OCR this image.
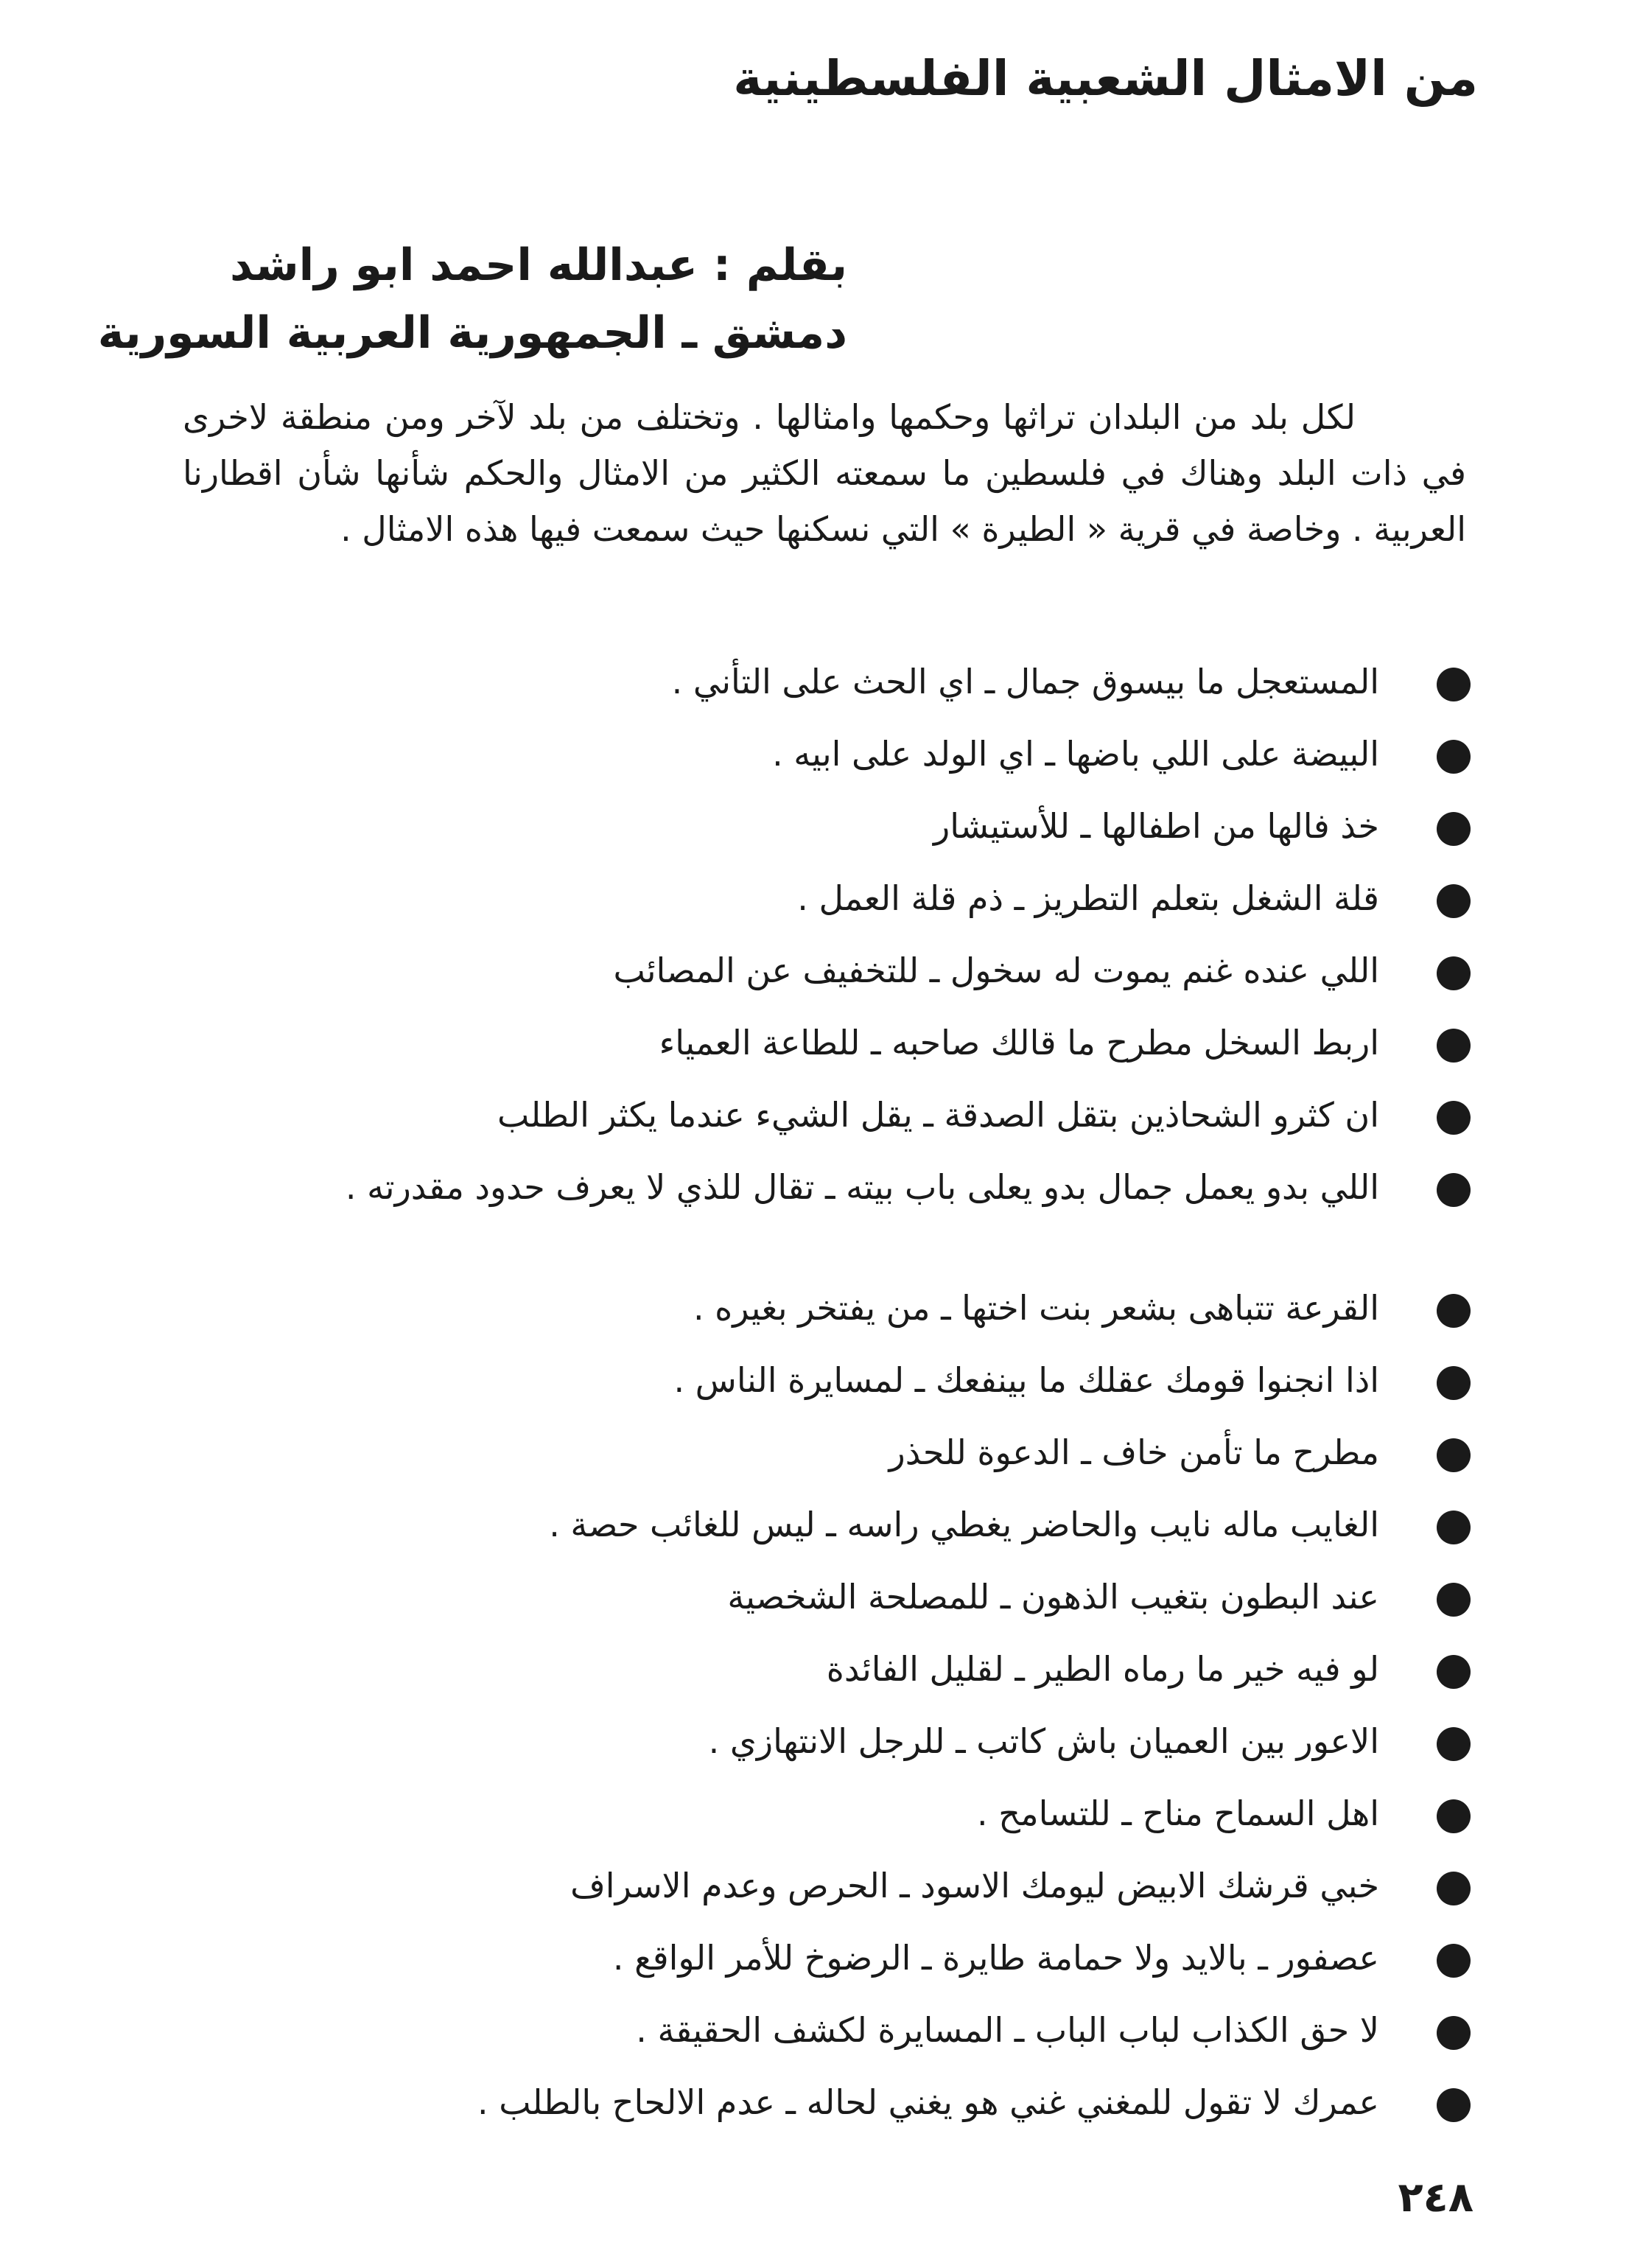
من الامثال الشعبية الفلسطينية
بقلم : عبدالله احمد ابو راشد
دمشق ـ الجمهورية العربية السورية

لكل بلد من البلدان تراثها وحكمها وامثالها . وتختلف من بلد لآخر ومن منطقة لاخرى في ذات البلد وهناك في فلسطين ما سمعته الكثير من الامثال والحكم شأنها شأن اقطارنا العربية . وخاصة في قرية « الطيرة » التي نسكنها حيث سمعت فيها هذه الامثال .

المستعجل ما بيسوق جمال ـ اي الحث على التأني .
البيضة على اللي باضها ـ اي الولد على ابيه .
خذ فالها من اطفالها ـ للأستيشار
قلة الشغل بتعلم التطريز ـ ذم قلة العمل .
اللي عنده غنم يموت له سخول ـ للتخفيف عن المصائب
اربط السخل مطرح ما قالك صاحبه ـ للطاعة العمياء
ان كثرو الشحاذين بتقل الصدقة ـ يقل الشيء عندما يكثر الطلب
اللي بدو يعمل جمال بدو يعلى باب بيته ـ تقال للذي لا يعرف حدود مقدرته .
القرعة تتباهى بشعر بنت اختها ـ من يفتخر بغيره .
اذا انجنوا قومك عقلك ما بينفعك ـ لمسايرة الناس .
مطرح ما تأمن خاف ـ الدعوة للحذر
الغايب ماله نايب والحاضر يغطي راسه ـ ليس للغائب حصة .
عند البطون بتغيب الذهون ـ للمصلحة الشخصية
لو فيه خير ما رماه الطير ـ لقليل الفائدة
الاعور بين العميان باش كاتب ـ للرجل الانتهازي .
اهل السماح مناح ـ للتسامح .
خبي قرشك الابيض ليومك الاسود ـ الحرص وعدم الاسراف
عصفور ـ بالايد ولا حمامة طايرة ـ الرضوخ للأمر الواقع .
لا حق الكذاب لباب الباب ـ المسايرة لكشف الحقيقة .
عمرك لا تقول للمغني غني هو يغني لحاله ـ عدم الالحاح بالطلب .
٢٤٨
